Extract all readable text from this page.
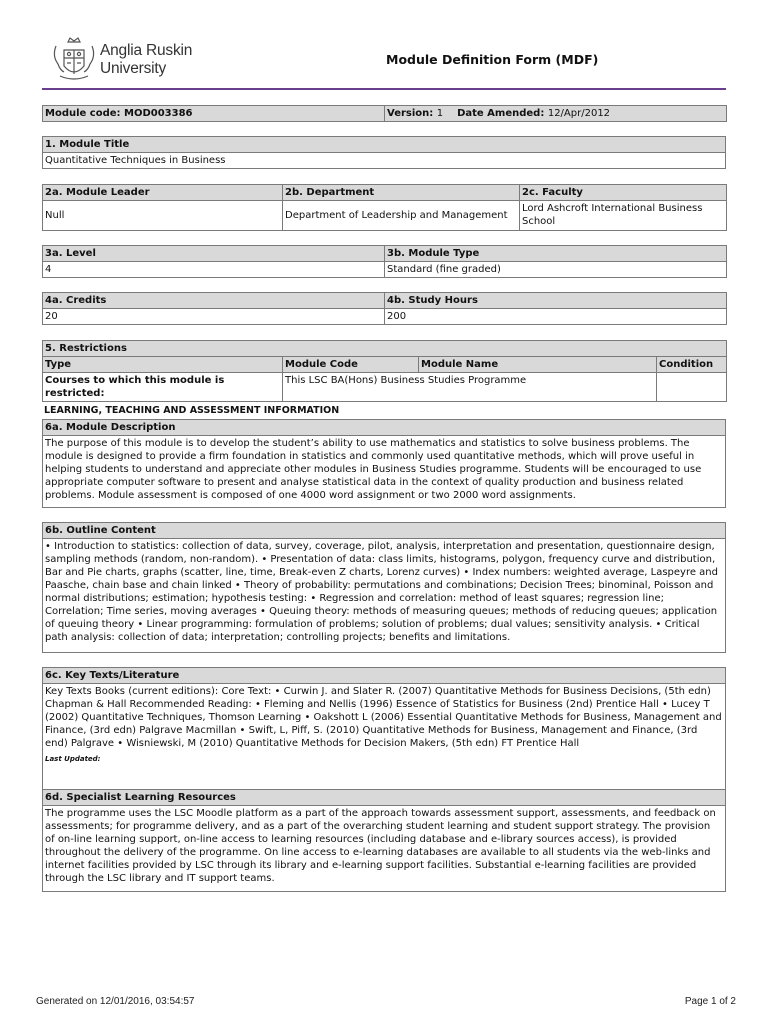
Anglia Ruskin
University
Module Definition Form (MDF)
Module code: MOD003386	Version: 1 Date Amended: 12/Apr/2012
1. Module Title
Quantitative Techniques in Business
2a. Module Leader	2b. Department	2c. Faculty
Null	Department of Leadership and Management	Lord Ashcroft International Business School
3a. Level	3b. Module Type
4	Standard (fine graded)
4a. Credits	4b. Study Hours
20	200
5. Restrictions			
Type	Module Code	Module Name	Condition
Courses to which this module is restricted:	This LSC BA(Hons) Business Studies Programme		
LEARNING, TEACHING AND ASSESSMENT INFORMATION
6a. Module Description
The purpose of this module is to develop the student’s ability to use mathematics and statistics to solve business problems. The module is designed to provide a firm foundation in statistics and commonly used quantitative methods, which will prove useful in helping students to understand and appreciate other modules in Business Studies programme. Students will be encouraged to use appropriate computer software to present and analyse statistical data in the context of quality production and business related problems. Module assessment is composed of one 4000 word assignment or two 2000 word assignments.
6b. Outline Content
• Introduction to statistics: collection of data, survey, coverage, pilot, analysis, interpretation and presentation, questionnaire design, sampling methods (random, non-random). • Presentation of data: class limits, histograms, polygon, frequency curve and distribution, Bar and Pie charts, graphs (scatter, line, time, Break-even Z charts, Lorenz curves) • Index numbers: weighted average, Laspeyre and Paasche, chain base and chain linked • Theory of probability: permutations and combinations; Decision Trees; binominal, Poisson and normal distributions; estimation; hypothesis testing: • Regression and correlation: method of least squares; regression line; Correlation; Time series, moving averages • Queuing theory: methods of measuring queues; methods of reducing queues; application of queuing theory • Linear programming: formulation of problems; solution of problems; dual values; sensitivity analysis. • Critical path analysis: collection of data; interpretation; controlling projects; benefits and limitations.
6c. Key Texts/Literature

Key Texts Books (current editions): Core Text: • Curwin J. and Slater R. (2007) Quantitative Methods for Business Decisions, (5th edn) Chapman & Hall Recommended Reading: • Fleming and Nellis (1996) Essence of Statistics for Business (2nd) Prentice Hall • Lucey T (2002) Quantitative Techniques, Thomson Learning • Oakshott L (2006) Essential Quantitative Methods for Business, Management and Finance, (3rd edn) Palgrave Macmillan • Swift, L, Piff, S. (2010) Quantitative Methods for Business, Management and Finance, (3rd end) Palgrave • Wisniewski, M (2010) Quantitative Methods for Decision Makers, (5th edn) FT Prentice Hall
Last Updated:
6d. Specialist Learning Resources
The programme uses the LSC Moodle platform as a part of the approach towards assessment support, assessments, and feedback on assessments; for programme delivery, and as a part of the overarching student learning and student support strategy. The provision of on-line learning support, on-line access to learning resources (including database and e-library sources access), is provided throughout the delivery of the programme. On line access to e-learning databases are available to all students via the web-links and internet facilities provided by LSC through its library and e-learning support facilities. Substantial e-learning facilities are provided through the LSC library and IT support teams.
Generated on 12/01/2016, 03:54:57	Page 1 of 2
